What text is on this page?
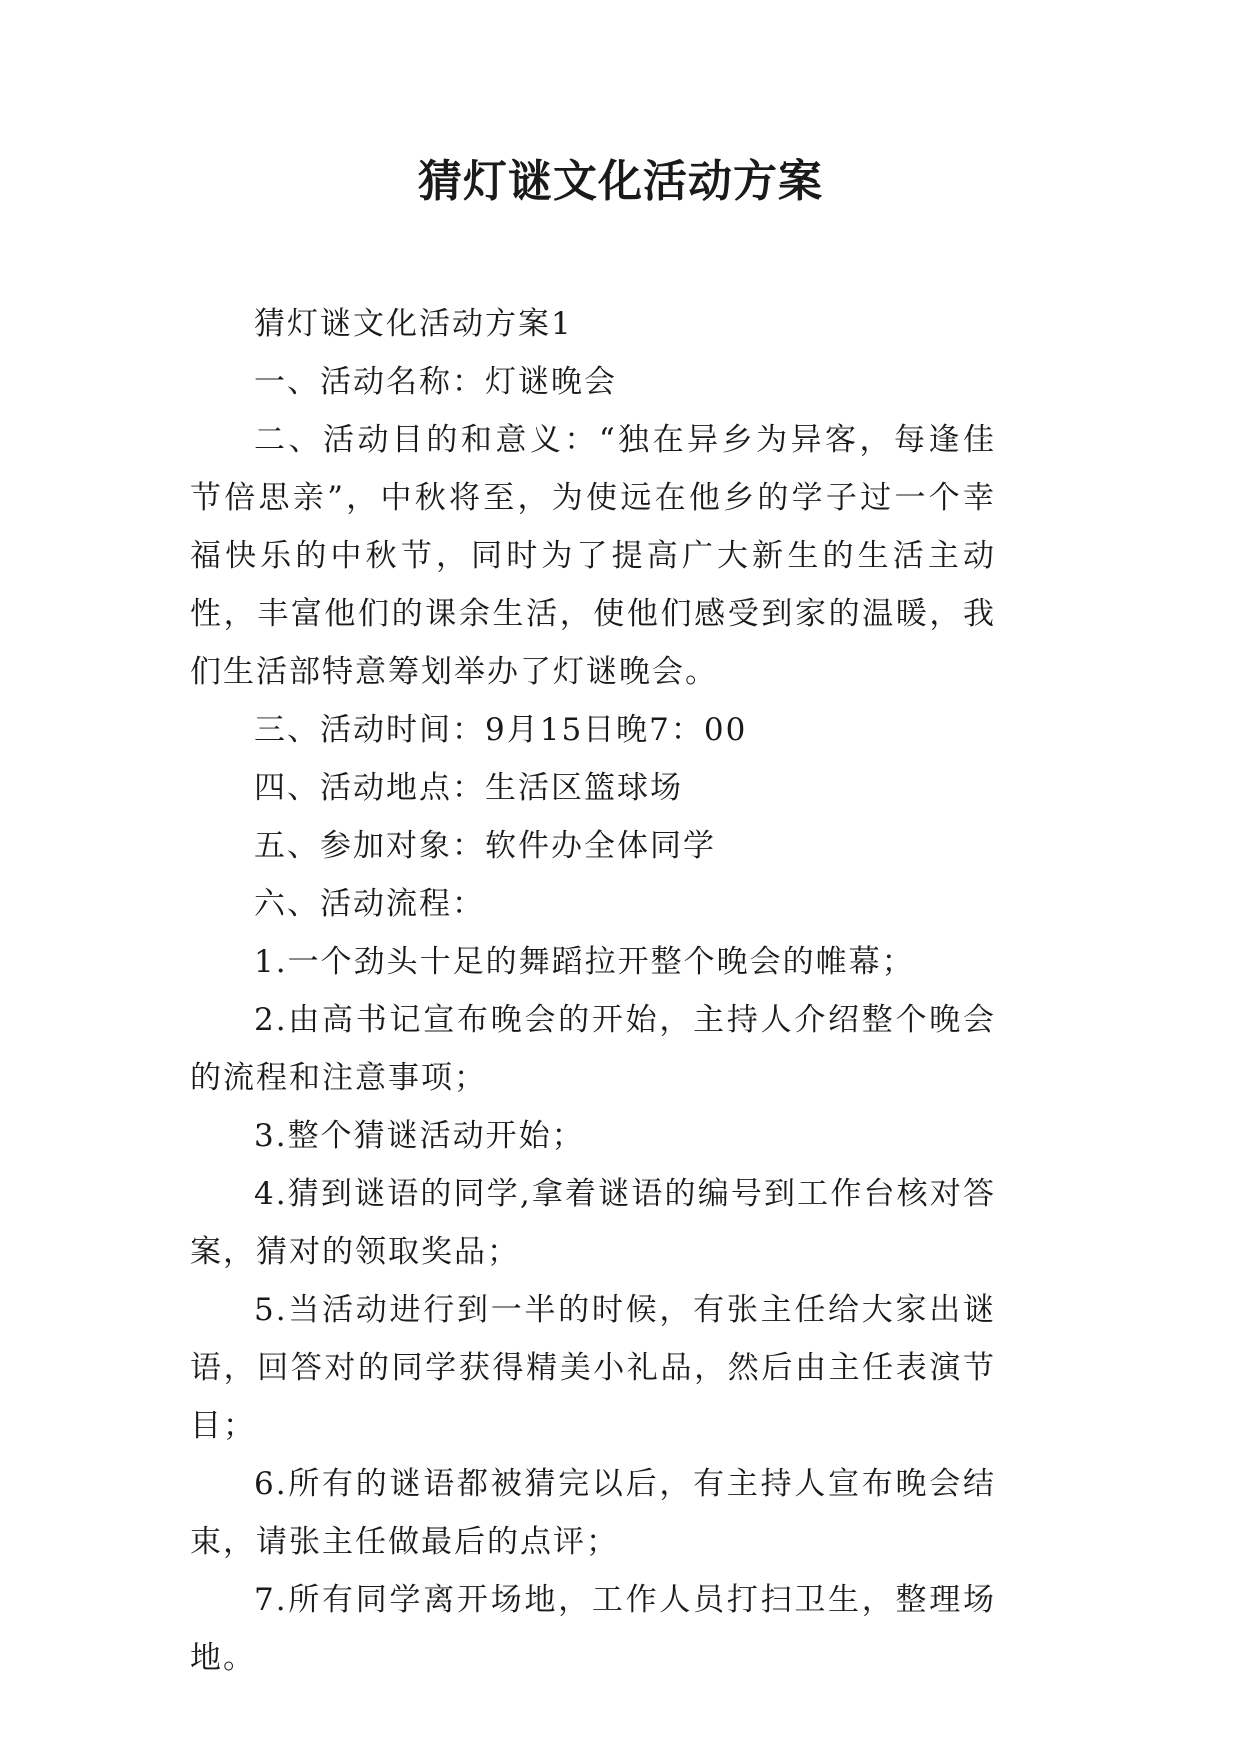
猜灯谜文化活动方案

猜灯谜文化活动方案1

一、活动名称：灯谜晚会

二、活动目的和意义：“独在异乡为异客，每逢佳节倍思亲”，中秋将至，为使远在他乡的学子过一个幸福快乐的中秋节，同时为了提高广大新生的生活主动性，丰富他们的课余生活，使他们感受到家的温暖，我们生活部特意筹划举办了灯谜晚会。

三、活动时间：9月15日晚7：00

四、活动地点：生活区篮球场

五、参加对象：软件办全体同学

六、活动流程：

1.一个劲头十足的舞蹈拉开整个晚会的帷幕；

2.由高书记宣布晚会的开始，主持人介绍整个晚会的流程和注意事项；

3.整个猜谜活动开始；

4.猜到谜语的同学,拿着谜语的编号到工作台核对答案，猜对的领取奖品；

5.当活动进行到一半的时候，有张主任给大家出谜语，回答对的同学获得精美小礼品，然后由主任表演节目；

6.所有的谜语都被猜完以后，有主持人宣布晚会结束，请张主任做最后的点评；

7.所有同学离开场地，工作人员打扫卫生，整理场地。
